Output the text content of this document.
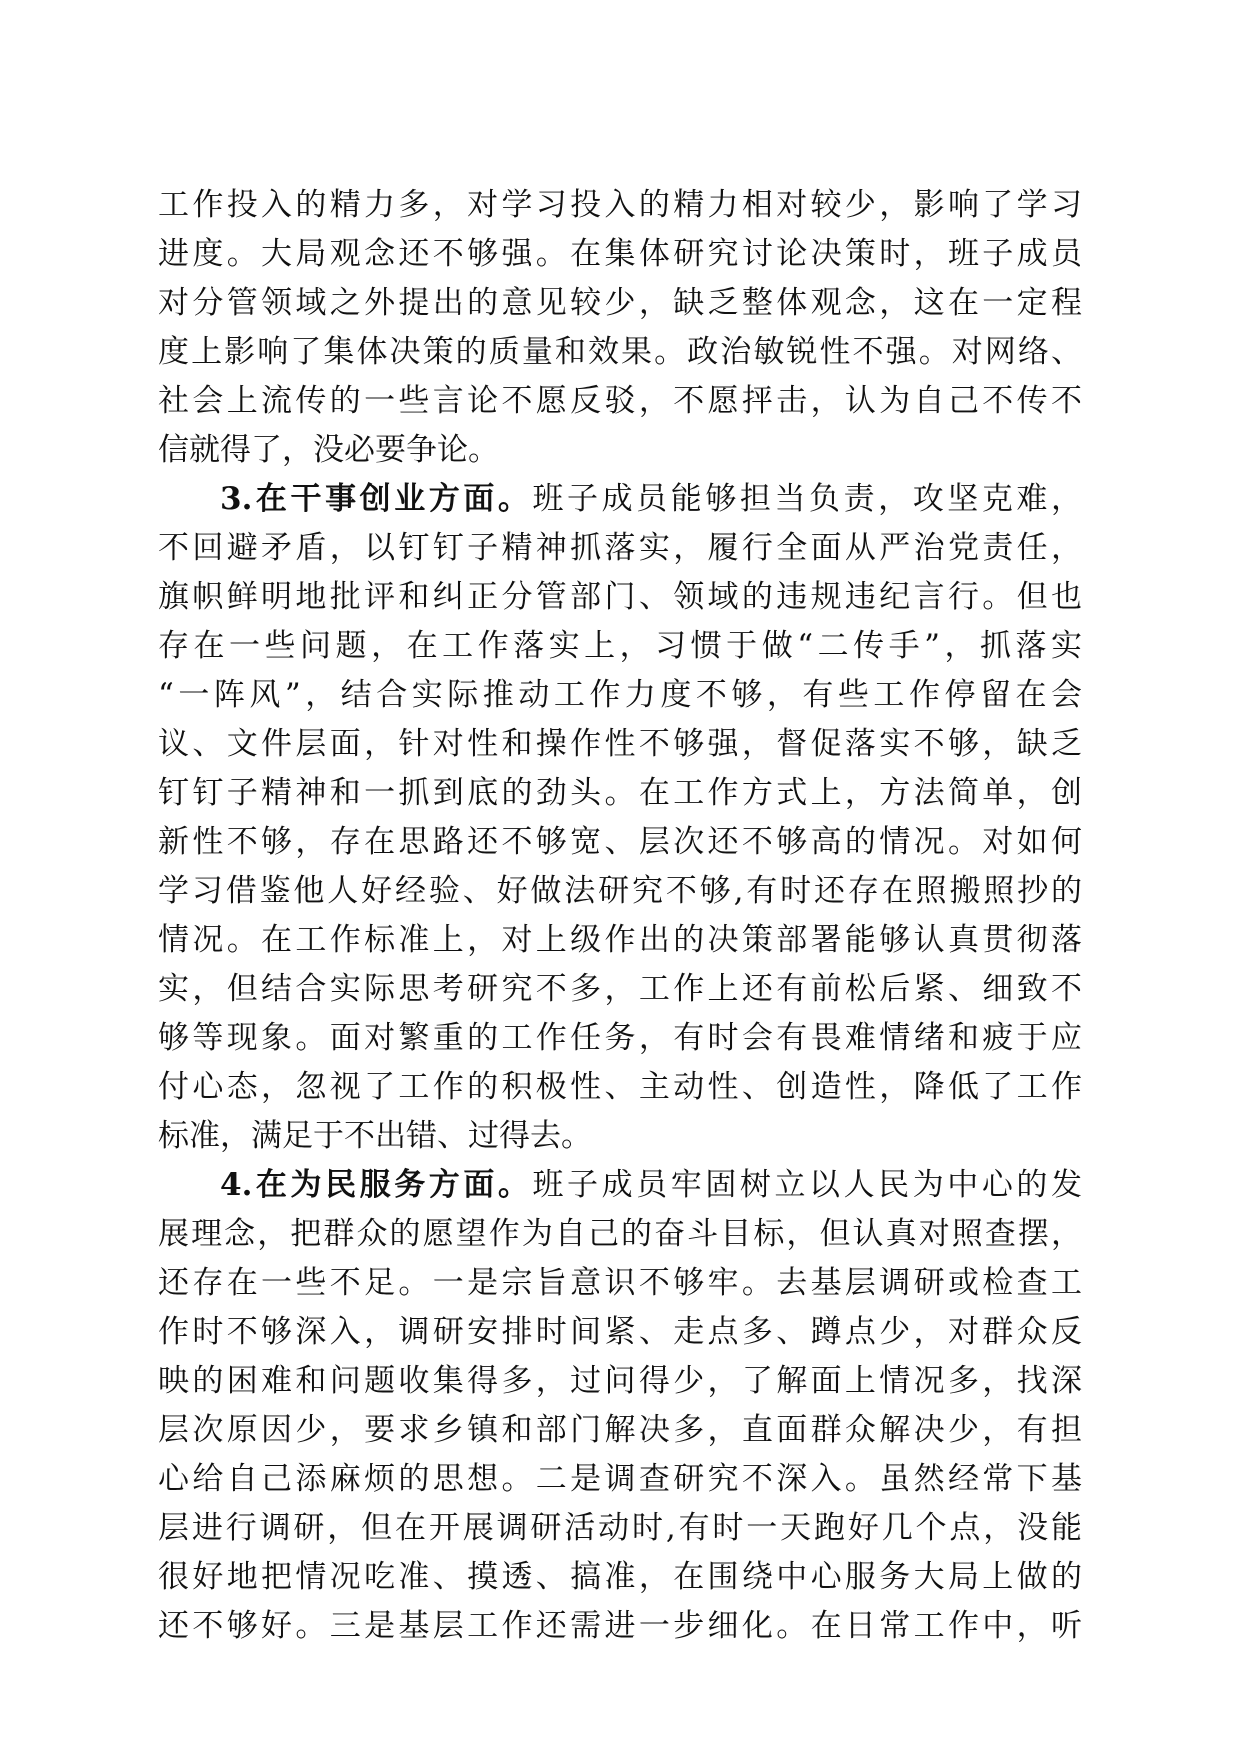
工作投入的精力多，对学习投入的精力相对较少，影响了学习
进度。大局观念还不够强。在集体研究讨论决策时，班子成员
对分管领域之外提出的意见较少，缺乏整体观念，这在一定程
度上影响了集体决策的质量和效果。政治敏锐性不强。对网络、
社会上流传的一些言论不愿反驳，不愿抨击，认为自己不传不
信就得了，没必要争论。
3.在干事创业方面。班子成员能够担当负责，攻坚克难，
不回避矛盾，以钉钉子精神抓落实，履行全面从严治党责任，
旗帜鲜明地批评和纠正分管部门、领域的违规违纪言行。但也
存在一些问题，在工作落实上，习惯于做“二传手”，抓落实
“一阵风”，结合实际推动工作力度不够，有些工作停留在会
议、文件层面，针对性和操作性不够强，督促落实不够，缺乏
钉钉子精神和一抓到底的劲头。在工作方式上，方法简单，创
新性不够，存在思路还不够宽、层次还不够高的情况。对如何
学习借鉴他人好经验、好做法研究不够,有时还存在照搬照抄的
情况。在工作标准上，对上级作出的决策部署能够认真贯彻落
实，但结合实际思考研究不多，工作上还有前松后紧、细致不
够等现象。面对繁重的工作任务，有时会有畏难情绪和疲于应
付心态，忽视了工作的积极性、主动性、创造性，降低了工作
标准，满足于不出错、过得去。
4.在为民服务方面。班子成员牢固树立以人民为中心的发
展理念，把群众的愿望作为自己的奋斗目标，但认真对照查摆，
还存在一些不足。一是宗旨意识不够牢。去基层调研或检查工
作时不够深入，调研安排时间紧、走点多、蹲点少，对群众反
映的困难和问题收集得多，过问得少，了解面上情况多，找深
层次原因少，要求乡镇和部门解决多，直面群众解决少，有担
心给自己添麻烦的思想。二是调查研究不深入。虽然经常下基
层进行调研，但在开展调研活动时,有时一天跑好几个点，没能
很好地把情况吃准、摸透、搞准，在围绕中心服务大局上做的
还不够好。三是基层工作还需进一步细化。在日常工作中，听
